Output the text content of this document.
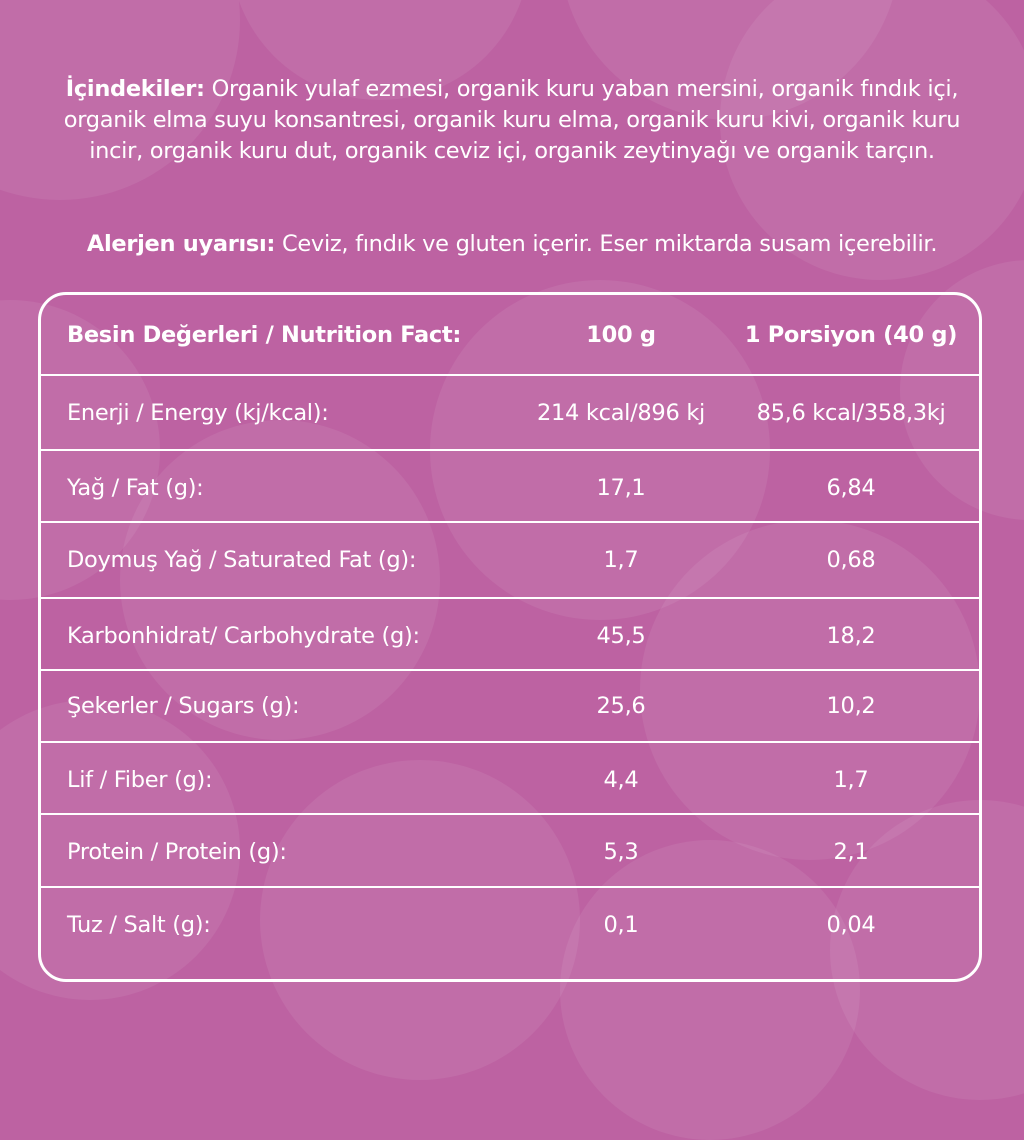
İçindekiler: Organik yulaf ezmesi, organik kuru yaban mersini, organik fındık içi, organik elma suyu konsantresi, organik kuru elma, organik kuru kivi, organik kuru incir, organik kuru dut, organik ceviz içi, organik zeytinyağı ve organik tarçın.
Alerjen uyarısı: Ceviz, fındık ve gluten içerir. Eser miktarda susam içerebilir.
Besin Değerleri / Nutrition Fact:	100 g	1 Porsiyon (40 g)
Enerji / Energy (kj/kcal):	214 kcal/896 kj	85,6 kcal/358,3kj
Yağ / Fat (g):	17,1	6,84
Doymuş Yağ / Saturated Fat (g):	1,7	0,68
Karbonhidrat/ Carbohydrate (g):	45,5	18,2
Şekerler / Sugars (g):	25,6	10,2
Lif / Fiber (g):	4,4	1,7
Protein / Protein (g):	5,3	2,1
Tuz / Salt (g):	0,1	0,04
